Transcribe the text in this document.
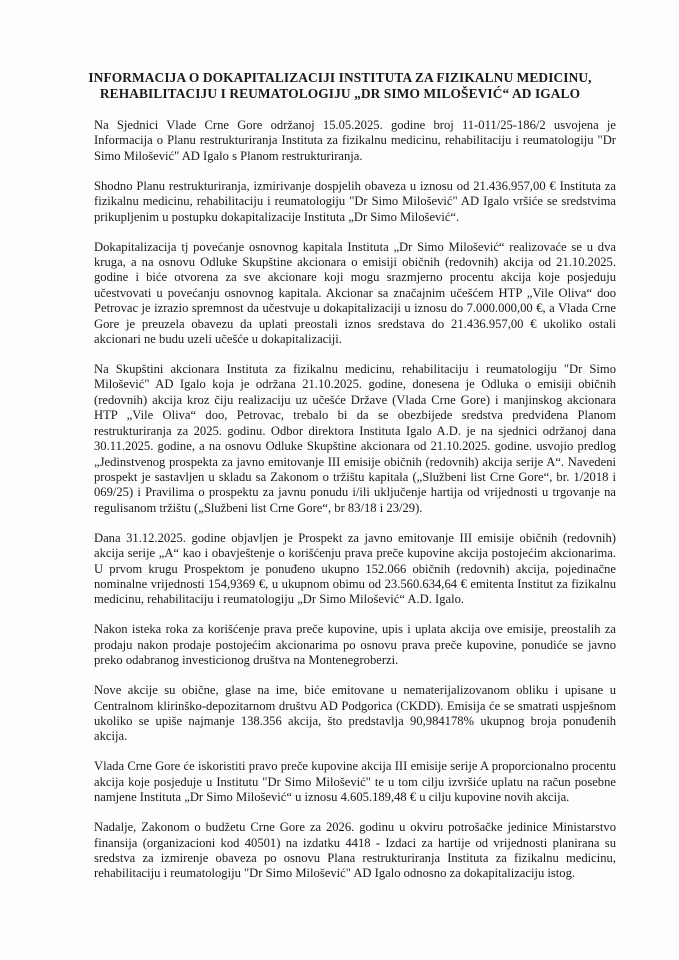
INFORMACIJA O DOKAPITALIZACIJI INSTITUTA ZA FIZIKALNU MEDICINU,
REHABILITACIJU I REUMATOLOGIJU „DR SIMO MILOŠEVIĆ“ AD IGALO

Na Sjednici Vlade Crne Gore održanoj 15.05.2025. godine broj 11-011/25-186/2 usvojena je Informacija o Planu restrukturiranja Instituta za fizikalnu medicinu, rehabilitaciju i reumatologiju "Dr Simo Milošević" AD Igalo s Planom restrukturiranja.

Shodno Planu restrukturiranja, izmirivanje dospjelih obaveza u iznosu od 21.436.957,00 € Instituta za fizikalnu medicinu, rehabilitaciju i reumatologiju "Dr Simo Milošević" AD Igalo vršiće se sredstvima prikupljenim u postupku dokapitalizacije Instituta „Dr Simo Milošević“.

Dokapitalizacija tj povećanje osnovnog kapitala Instituta „Dr Simo Milošević“ realizovaće se u dva kruga, a na osnovu Odluke Skupštine akcionara o emisiji običnih (redovnih) akcija od 21.10.2025. godine i biće otvorena za sve akcionare koji mogu srazmjerno procentu akcija koje posjeduju učestvovati u povećanju osnovnog kapitala. Akcionar sa značajnim učešćem HTP „Vile Oliva“ doo Petrovac je izrazio spremnost da učestvuje u dokapitalizaciji u iznosu do 7.000.000,00 €, a Vlada Crne Gore je preuzela obavezu da uplati preostali iznos sredstava do 21.436.957,00 € ukoliko ostali akcionari ne budu uzeli učešće u dokapitalizaciji.

Na Skupštini akcionara Instituta za fizikalnu medicinu, rehabilitaciju i reumatologiju "Dr Simo Milošević" AD Igalo koja je održana 21.10.2025. godine, donesena je Odluka o emisiji običnih (redovnih) akcija kroz čiju realizaciju uz učešće Države (Vlada Crne Gore) i manjinskog akcionara HTP „Vile Oliva“ doo, Petrovac, trebalo bi da se obezbijede sredstva predviđena Planom restrukturiranja za 2025. godinu. Odbor direktora Instituta Igalo A.D. je na sjednici održanoj dana 30.11.2025. godine, a na osnovu Odluke Skupštine akcionara od 21.10.2025. godine. usvojio predlog „Jedinstvenog prospekta za javno emitovanje III emisije običnih (redovnih) akcija serije A“. Navedeni prospekt je sastavljen u skladu sa Zakonom o tržištu kapitala („Službeni list Crne Gore“, br. 1/2018 i 069/25) i Pravilima o prospektu za javnu ponudu i/ili uključenje hartija od vrijednosti u trgovanje na regulisanom tržištu („Službeni list Crne Gore“, br 83/18 i 23/29).

Dana 31.12.2025. godine objavljen je Prospekt za javno emitovanje III emisije običnih (redovnih) akcija serije „A“ kao i obavještenje o korišćenju prava preče kupovine akcija postojećim akcionarima. U prvom krugu Prospektom je ponuđeno ukupno 152.066 običnih (redovnih) akcija, pojedinačne nominalne vrijednosti 154,9369 €, u ukupnom obimu od 23.560.634,64 € emitenta Institut za fizikalnu medicinu, rehabilitaciju i reumatologiju „Dr Simo Milošević“ A.D. Igalo.

Nakon isteka roka za korišćenje prava preče kupovine, upis i uplata akcija ove emisije, preostalih za prodaju nakon prodaje postojećim akcionarima po osnovu prava preče kupovine, ponudiće se javno preko odabranog investicionog društva na Montenegroberzi.

Nove akcije su obične, glase na ime, biće emitovane u nematerijalizovanom obliku i upisane u Centralnom klirinško-depozitarnom društvu AD Podgorica (CKDD). Emisija će se smatrati uspješnom ukoliko se upiše najmanje 138.356 akcija, što predstavlja 90,984178% ukupnog broja ponuđenih akcija.

Vlada Crne Gore će iskoristiti pravo preče kupovine akcija III emisije serije A proporcionalno procentu akcija koje posjeduje u Institutu "Dr Simo Milošević" te u tom cilju izvršiće uplatu na račun posebne namjene Instituta „Dr Simo Milošević“ u iznosu 4.605.189,48 € u cilju kupovine novih akcija.

Nadalje, Zakonom o budžetu Crne Gore za 2026. godinu u okviru potrošačke jedinice Ministarstvo finansija (organizacioni kod 40501) na izdatku 4418 - Izdaci za hartije od vrijednosti planirana su sredstva za izmirenje obaveza po osnovu Plana restrukturiranja Instituta za fizikalnu medicinu, rehabilitaciju i reumatologiju "Dr Simo Milošević" AD Igalo odnosno za dokapitalizaciju istog.
